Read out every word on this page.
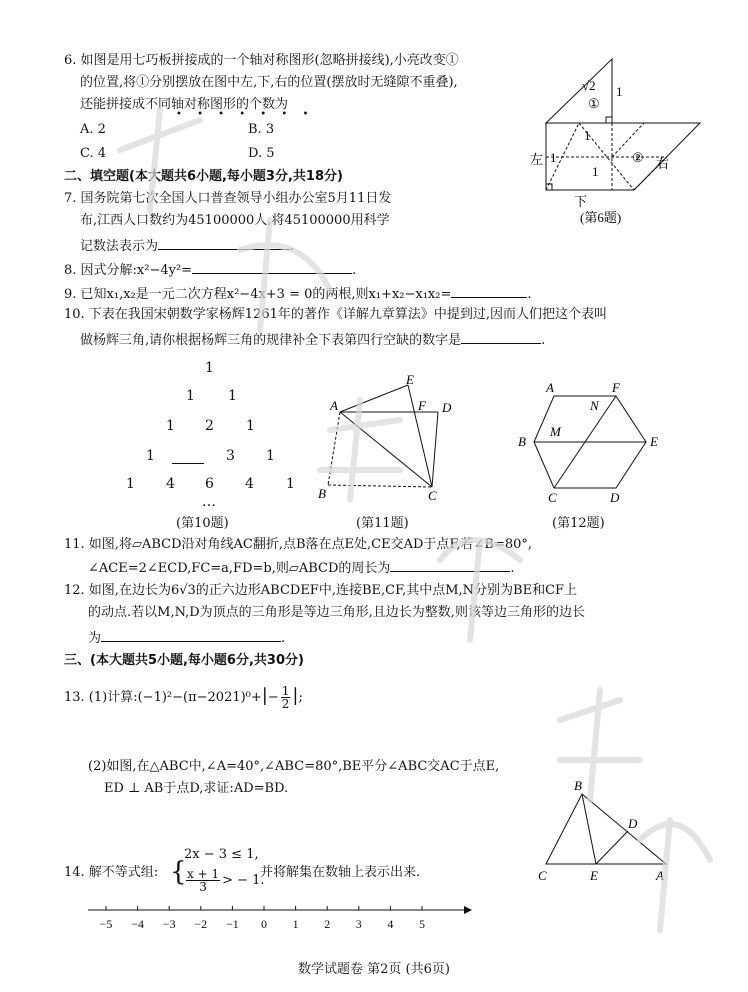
6. 如图是用七巧板拼接成的一个轴对称图形(忽略拼接线),小亮改变①
的位置,将①分别摆放在图中左,下,右的位置(摆放时无缝隙不重叠),
还能拼接成不同轴对称图形的个数为
• • • • • • •
A. 2	B. 3
C. 4	D. 5	左
下
右
①
②
√2 1
1
1
1
(第6题)
二、填空题(本大题共6小题,每小题3分,共18分)
7. 国务院第七次全国人口普查领导小组办公室5月11日发
布,江西人口数约为45100000人,将45100000用科学
记数法表示为	.
8. 因式分解:x²−4y²=	.
9. 已知x₁,x₂是一元二次方程x²−4x+3 = 0的两根,则x₁+x₂−x₁x₂=	.
10. 下表在我国宋朝数学家杨辉1261年的著作《详解九章算法》中提到过,因而人们把这个表叫
做杨辉三角,请你根据杨辉三角的规律补全下表第四行空缺的数字是	.
1
1 1
1 2 1
1	3 1
1 4 6 4 1
…
(第10题)
A
B	C
D
E
F
(第11题)
A	F
B	E
C	D
M
N
(第12题)
11. 如图,将▱ABCD沿对角线AC翻折,点B落在点E处,CE交AD于点F,若∠B=80°,
∠ACE=2∠ECD,FC=a,FD=b,则▱ABCD的周长为	.
12. 如图,在边长为6√3的正六边形ABCDEF中,连接BE,CF,其中点M,N分别为BE和CF上
的动点.若以M,N,D为顶点的三角形是等边三角形,且边长为整数,则该等边三角形的边长
为	.
三、(本大题共5小题,每小题6分,共30分)
13. (1)计算:(−1)²−(π−2021)⁰+|− $\frac{1}{2}$ |;
(2)如图,在△ABC中,∠A=40°,∠ABC=80°,BE平分∠ABC交AC于点E,
ED ⊥ AB于点D,求证:AD=BD.	B
C	E	A
D
14. 解不等式组: {
2x − 3 ≤ 1,
$\frac{x + 1}{3}$ > − 1.
并将解集在数轴上表示出来.
−5 −4 −3 −2 −1 0 1 2 3 4 5
数学试题卷 第2页 (共6页)
